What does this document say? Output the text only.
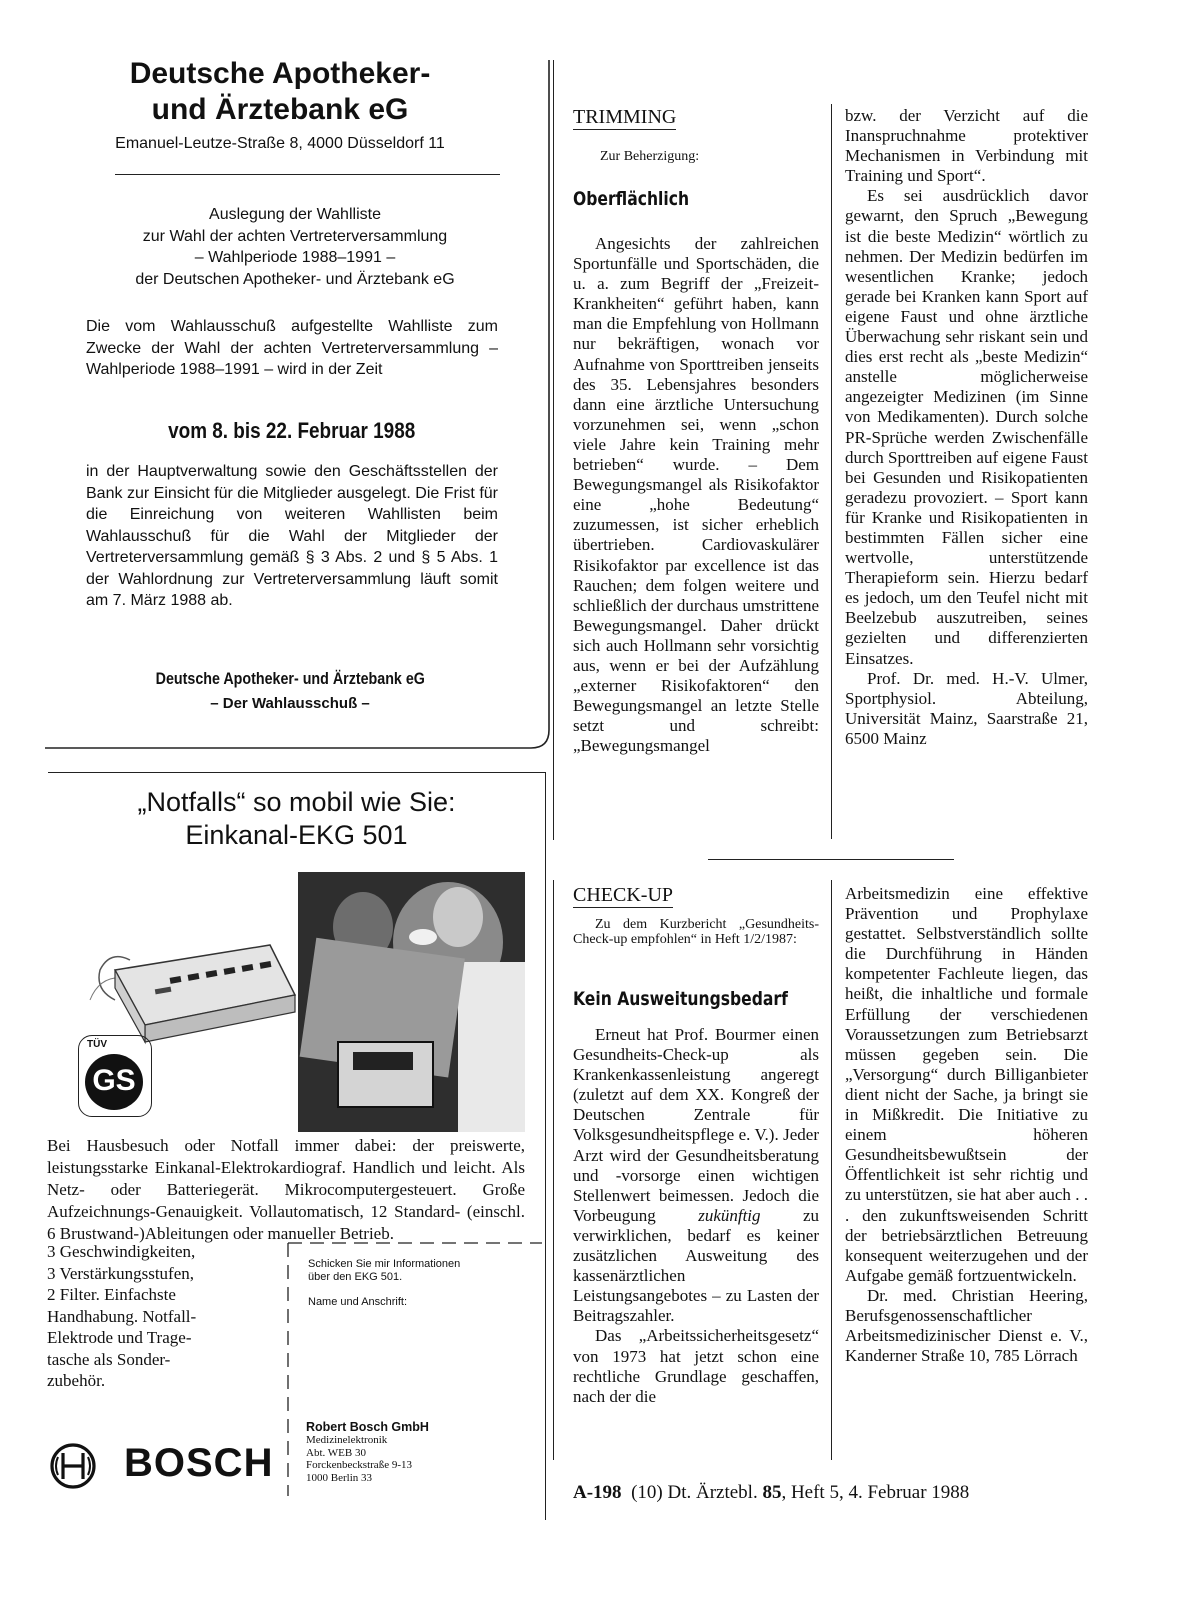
Deutsche Apotheker-
und Ärztebank eG
Emanuel-Leutze-Straße 8, 4000 Düsseldorf 11
Auslegung der Wahlliste
zur Wahl der achten Vertreterversammlung
– Wahlperiode 1988–1991 –
der Deutschen Apotheker- und Ärztebank eG
Die vom Wahlausschuß aufgestellte Wahlliste zum Zwecke der Wahl der achten Vertreterversammlung – Wahlperiode 1988–1991 – wird in der Zeit
vom 8. bis 22. Februar 1988
in der Hauptverwaltung sowie den Geschäftsstellen der Bank zur Einsicht für die Mitglieder ausgelegt. Die Frist für die Einreichung von weiteren Wahllisten beim Wahlausschuß für die Wahl der Mitglieder der Vertreterversammlung gemäß § 3 Abs. 2 und § 5 Abs. 1 der Wahlordnung zur Vertreterversammlung läuft somit am 7. März 1988 ab.
Deutsche Apotheker- und Ärztebank eG
– Der Wahlausschuß –
„Notfalls“ so mobil wie Sie:
Einkanal-EKG 501
TÜV
GS
Bei Hausbesuch oder Notfall immer dabei: der preiswerte, leistungsstarke Einkanal-Elektrokardiograf. Handlich und leicht. Als Netz- oder Batteriegerät. Mikrocomputergesteuert. Große Aufzeichnungs-Genauigkeit. Vollautomatisch, 12 Standard- (einschl. 6 Brustwand-)Ableitungen oder manueller Betrieb.
3 Geschwindigkeiten,
3 Verstärkungsstufen,
2 Filter. Einfachste
Handhabung. Notfall-
Elektrode und Trage-
tasche als Sonder-
zubehör.
Schicken Sie mir Informationen
über den EKG 501.
Name und Anschrift:
Robert Bosch GmbH
Medizinelektronik
Abt. WEB 30
Forckenbeckstraße 9-13
1000 Berlin 33
BOSCH
TRIMMING
Zur Beherzigung:
Oberflächlich

Angesichts der zahlreichen Sportunfälle und Sportschäden, die u. a. zum Begriff der „Freizeit-Krankheiten“ geführt haben, kann man die Empfehlung von Hollmann nur bekräftigen, wonach vor Aufnahme von Sporttreiben jenseits des 35. Lebensjahres besonders dann eine ärztliche Untersuchung vorzunehmen sei, wenn „schon viele Jahre kein Training mehr betrieben“ wurde. – Dem Bewegungsmangel als Risikofaktor eine „hohe Bedeutung“ zuzumessen, ist sicher erheblich übertrieben. Cardiovaskulärer Risikofaktor par excellence ist das Rauchen; dem folgen weitere und schließlich der durchaus umstrittene Bewegungsmangel. Daher drückt sich auch Hollmann sehr vorsichtig aus, wenn er bei der Aufzählung „externer Risikofaktoren“ den Bewegungsmangel an letzte Stelle setzt und schreibt: „Bewegungsmangel

bzw. der Verzicht auf die Inanspruchnahme protektiver Mechanismen in Verbindung mit Training und Sport“.

Es sei ausdrücklich davor gewarnt, den Spruch „Bewegung ist die beste Medizin“ wörtlich zu nehmen. Der Medizin bedürfen im wesentlichen Kranke; jedoch gerade bei Kranken kann Sport auf eigene Faust und ohne ärztliche Überwachung sehr riskant sein und dies erst recht als „beste Medizin“ anstelle möglicherweise angezeigter Medizinen (im Sinne von Medikamenten). Durch solche PR-Sprüche werden Zwischenfälle durch Sporttreiben auf eigene Faust bei Gesunden und Risikopatienten geradezu provoziert. – Sport kann für Kranke und Risikopatienten in bestimmten Fällen sicher eine wertvolle, unterstützende Therapieform sein. Hierzu bedarf es jedoch, um den Teufel nicht mit Beelzebub auszutreiben, seines gezielten und differenzierten Einsatzes.

Prof. Dr. med. H.-V. Ulmer, Sportphysiol. Abteilung, Universität Mainz, Saarstraße 21, 6500 Mainz

CHECK-UP
Zu dem Kurzbericht „Gesundheits-Check-up empfohlen“ in Heft 1/2/1987:
Kein Ausweitungsbedarf

Erneut hat Prof. Bourmer einen Gesundheits-Check-up als Krankenkassenleistung angeregt (zuletzt auf dem XX. Kongreß der Deutschen Zentrale für Volksgesundheitspflege e. V.). Jeder Arzt wird der Gesundheitsberatung und -vorsorge einen wichtigen Stellenwert beimessen. Jedoch die Vorbeugung zukünftig zu verwirklichen, bedarf es keiner zusätzlichen Ausweitung des kassenärztlichen Leistungsangebotes – zu Lasten der Beitragszahler.

Das „Arbeitssicherheitsgesetz“ von 1973 hat jetzt schon eine rechtliche Grundlage geschaffen, nach der die

Arbeitsmedizin eine effektive Prävention und Prophylaxe gestattet. Selbstverständlich sollte die Durchführung in Händen kompetenter Fachleute liegen, das heißt, die inhaltliche und formale Erfüllung der verschiedenen Voraussetzungen zum Betriebsarzt müssen gegeben sein. Die „Versorgung“ durch Billiganbieter dient nicht der Sache, ja bringt sie in Mißkredit. Die Initiative zu einem höheren Gesundheitsbewußtsein der Öffentlichkeit ist sehr richtig und zu unterstützen, sie hat aber auch . . . den zukunftsweisenden Schritt der betriebsärztlichen Betreuung konsequent weiterzugehen und der Aufgabe gemäß fortzuentwickeln.

Dr. med. Christian Heering, Berufsgenossenschaftlicher Arbeitsmedizinischer Dienst e. V., Kanderner Straße 10, 785 Lörrach

A-198 (10) Dt. Ärztebl. 85, Heft 5, 4. Februar 1988
